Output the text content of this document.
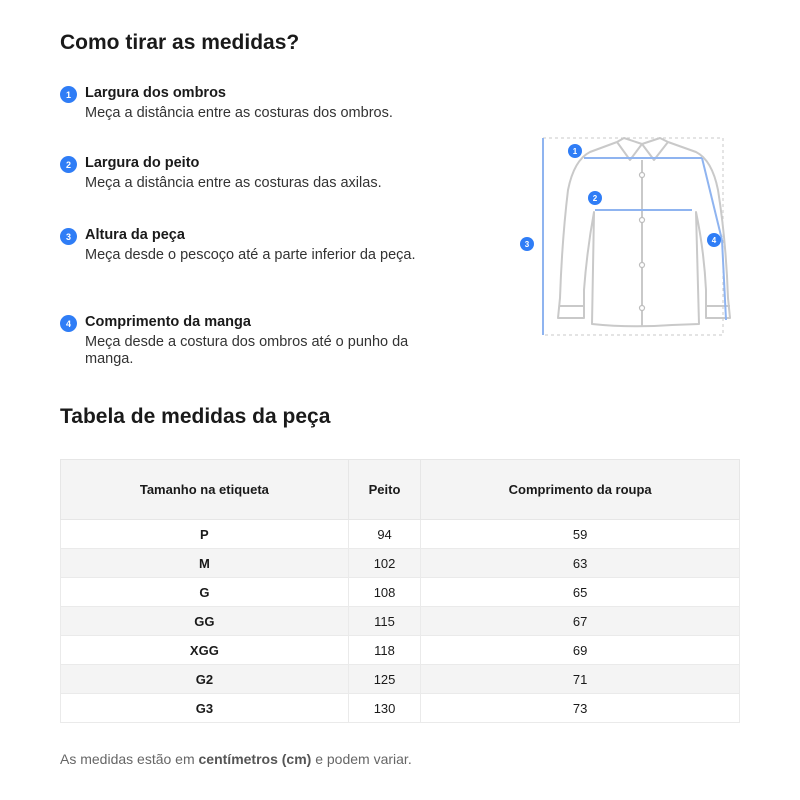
Como tirar as medidas?
1 Largura dos ombros
Meça a distância entre as costuras dos ombros.
2 Largura do peito
Meça a distância entre as costuras das axilas.
3 Altura da peça
Meça desde o pescoço até a parte inferior da peça.
4 Comprimento da manga
Meça desde a costura dos ombros até o punho da manga.
1
2
3	4
Tabela de medidas da peça
Tamanho na etiqueta	Peito	Comprimento da roupa
P	94	59
M	102	63
G	108	65
GG	115	67
XGG	118	69
G2	125	71
G3	130	73
As medidas estão em centímetros (cm) e podem variar.
